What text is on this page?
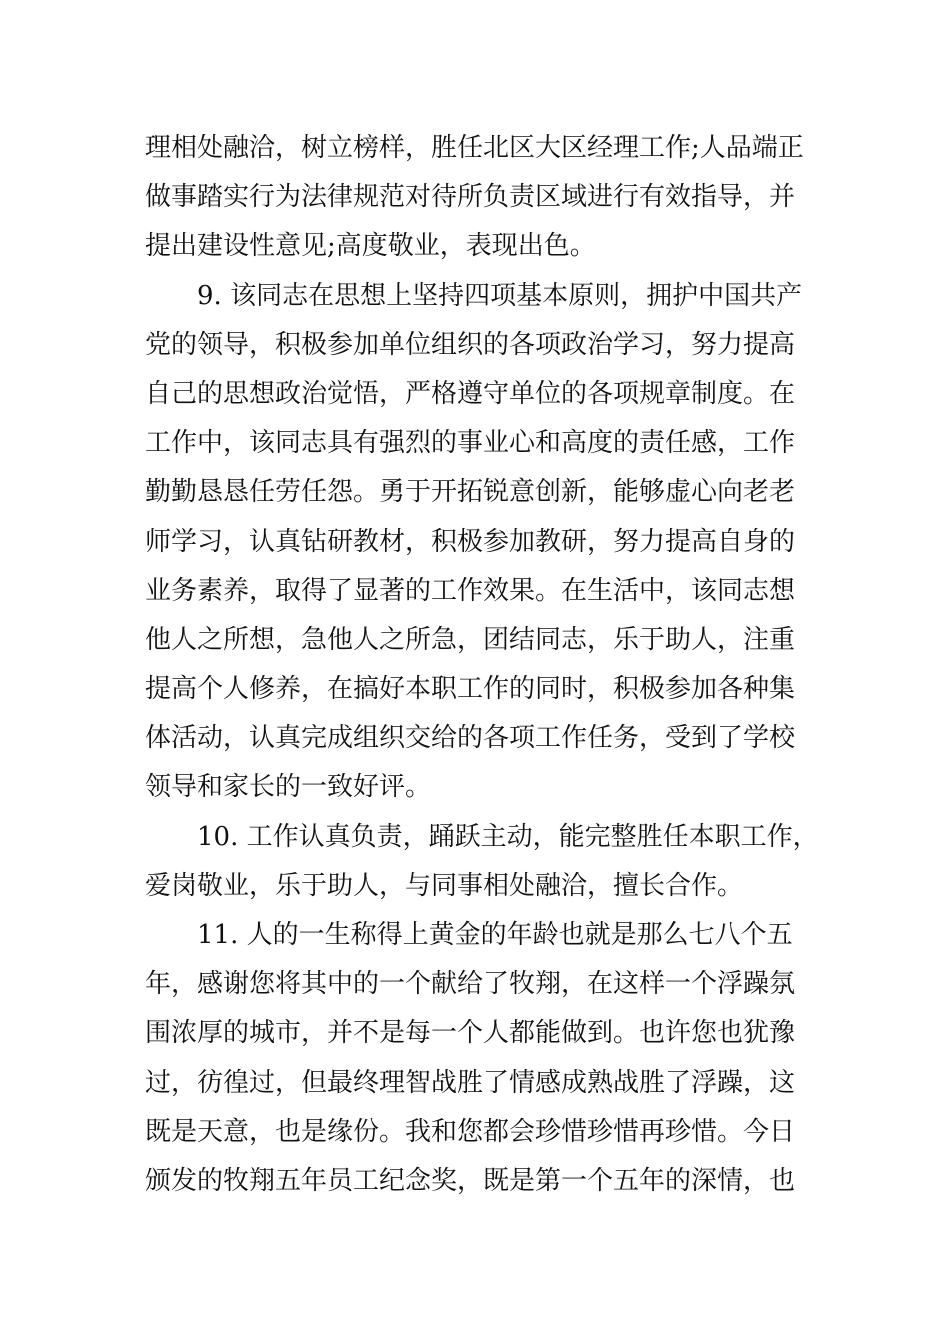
理相处融洽，树立榜样，胜任北区大区经理工作;人品端正
做事踏实行为法律规范对待所负责区域进行有效指导，并
提出建设性意见;高度敬业，表现出色。

9. 该同志在思想上坚持四项基本原则，拥护中国共产
党的领导，积极参加单位组织的各项政治学习，努力提高
自己的思想政治觉悟，严格遵守单位的各项规章制度。在
工作中，该同志具有强烈的事业心和高度的责任感，工作
勤勤恳恳任劳任怨。勇于开拓锐意创新，能够虚心向老老
师学习，认真钻研教材，积极参加教研，努力提高自身的
业务素养，取得了显著的工作效果。在生活中，该同志想
他人之所想，急他人之所急，团结同志，乐于助人，注重
提高个人修养，在搞好本职工作的同时，积极参加各种集
体活动，认真完成组织交给的各项工作任务，受到了学校
领导和家长的一致好评。

10. 工作认真负责，踊跃主动，能完整胜任本职工作，
爱岗敬业，乐于助人，与同事相处融洽，擅长合作。

11. 人的一生称得上黄金的年龄也就是那么七八个五
年，感谢您将其中的一个献给了牧翔，在这样一个浮躁氛
围浓厚的城市，并不是每一个人都能做到。也许您也犹豫
过，彷徨过，但最终理智战胜了情感成熟战胜了浮躁，这
既是天意，也是缘份。我和您都会珍惜珍惜再珍惜。今日
颁发的牧翔五年员工纪念奖，既是第一个五年的深情，也
